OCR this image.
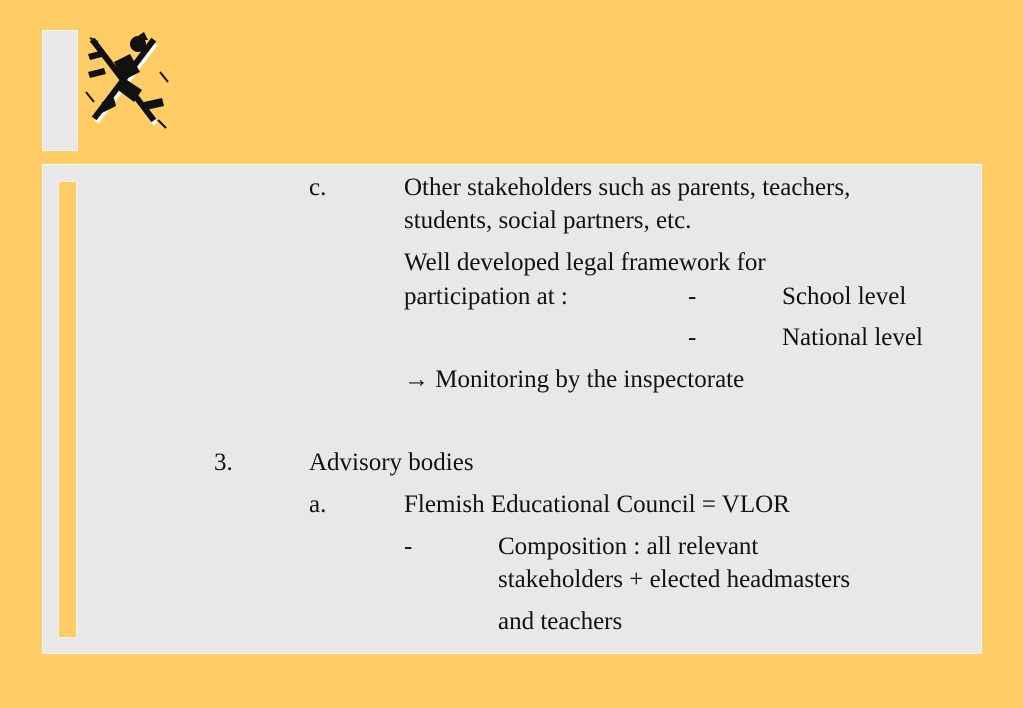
c.	Other stakeholders such as parents, teachers,
students, social partners, etc.
Well developed legal framework for
participation at :	-	School level
-	National level
→ Monitoring by the inspectorate
3.	Advisory bodies
a.	Flemish Educational Council = VLOR
-	Composition : all relevant
stakeholders + elected headmasters
and teachers
